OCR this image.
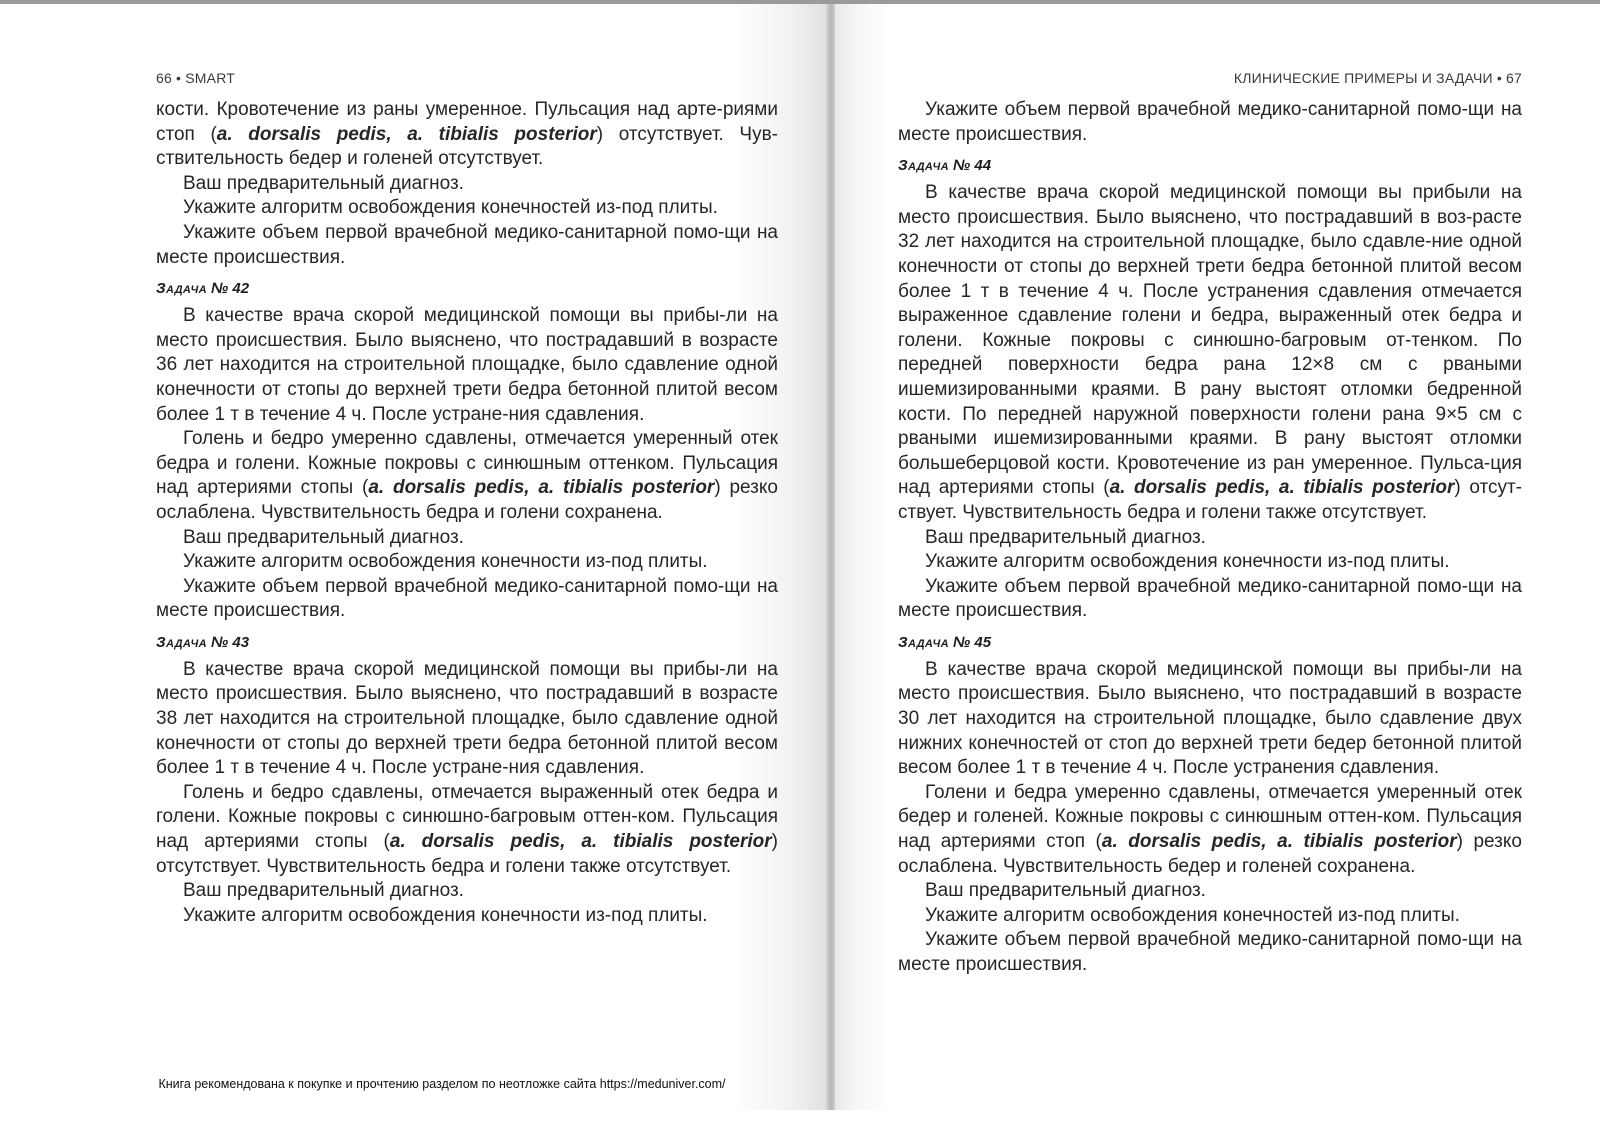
66 • SMART

кости. Кровотечение из раны умеренное. Пульсация над арте-риями стоп (a. dorsalis pedis, a. tibialis posterior) отсутствует. Чув-ствительность бедер и голеней отсутствует.

Ваш предварительный диагноз.

Укажите алгоритм освобождения конечностей из-под плиты.

Укажите объем первой врачебной медико-санитарной помо-щи на месте происшествия.

Задача № 42

В качестве врача скорой медицинской помощи вы прибы-ли на место происшествия. Было выяснено, что пострадавший в возрасте 36 лет находится на строительной площадке, было сдавление одной конечности от стопы до верхней трети бедра бетонной плитой весом более 1 т в течение 4 ч. После устране-ния сдавления.

Голень и бедро умеренно сдавлены, отмечается умеренный отек бедра и голени. Кожные покровы с синюшным оттенком. Пульсация над артериями стопы (a. dorsalis pedis, a. tibialis posterior) резко ослаблена. Чувствительность бедра и голени сохранена.

Ваш предварительный диагноз.

Укажите алгоритм освобождения конечности из-под плиты.

Укажите объем первой врачебной медико-санитарной помо-щи на месте происшествия.

Задача № 43

В качестве врача скорой медицинской помощи вы прибы-ли на место происшествия. Было выяснено, что пострадавший в возрасте 38 лет находится на строительной площадке, было сдавление одной конечности от стопы до верхней трети бедра бетонной плитой весом более 1 т в течение 4 ч. После устране-ния сдавления.

Голень и бедро сдавлены, отмечается выраженный отек бедра и голени. Кожные покровы с синюшно-багровым оттен-ком. Пульсация над артериями стопы (a. dorsalis pedis, a. tibialis posterior) отсутствует. Чувствительность бедра и голени также отсутствует.

Ваш предварительный диагноз.

Укажите алгоритм освобождения конечности из-под плиты.

КЛИНИЧЕСКИЕ ПРИМЕРЫ И ЗАДАЧИ • 67

Укажите объем первой врачебной медико-санитарной помо-щи на месте происшествия.

Задача № 44

В качестве врача скорой медицинской помощи вы прибыли на место происшествия. Было выяснено, что пострадавший в воз-расте 32 лет находится на строительной площадке, было сдавле-ние одной конечности от стопы до верхней трети бедра бетонной плитой весом более 1 т в течение 4 ч. После устранения сдавления отмечается выраженное сдавление голени и бедра, выраженный отек бедра и голени. Кожные покровы с синюшно-багровым от-тенком. По передней поверхности бедра рана 12×8 см с рваными ишемизированными краями. В рану выстоят отломки бедренной кости. По передней наружной поверхности голени рана 9×5 см с рваными ишемизированными краями. В рану выстоят отломки большеберцовой кости. Кровотечение из ран умеренное. Пульса-ция над артериями стопы (a. dorsalis pedis, a. tibialis posterior) отсут-ствует. Чувствительность бедра и голени также отсутствует.

Ваш предварительный диагноз.

Укажите алгоритм освобождения конечности из-под плиты.

Укажите объем первой врачебной медико-санитарной помо-щи на месте происшествия.

Задача № 45

В качестве врача скорой медицинской помощи вы прибы-ли на место происшествия. Было выяснено, что пострадавший в возрасте 30 лет находится на строительной площадке, было сдавление двух нижних конечностей от стоп до верхней трети бедер бетонной плитой весом более 1 т в течение 4 ч. После устранения сдавления.

Голени и бедра умеренно сдавлены, отмечается умеренный отек бедер и голеней. Кожные покровы с синюшным оттен-ком. Пульсация над артериями стоп (a. dorsalis pedis, a. tibialis posterior) резко ослаблена. Чувствительность бедер и голеней сохранена.

Ваш предварительный диагноз.

Укажите алгоритм освобождения конечностей из-под плиты.

Укажите объем первой врачебной медико-санитарной помо-щи на месте происшествия.

Книга рекомендована к покупке и прочтению разделом по неотложке сайта https://meduniver.com/
